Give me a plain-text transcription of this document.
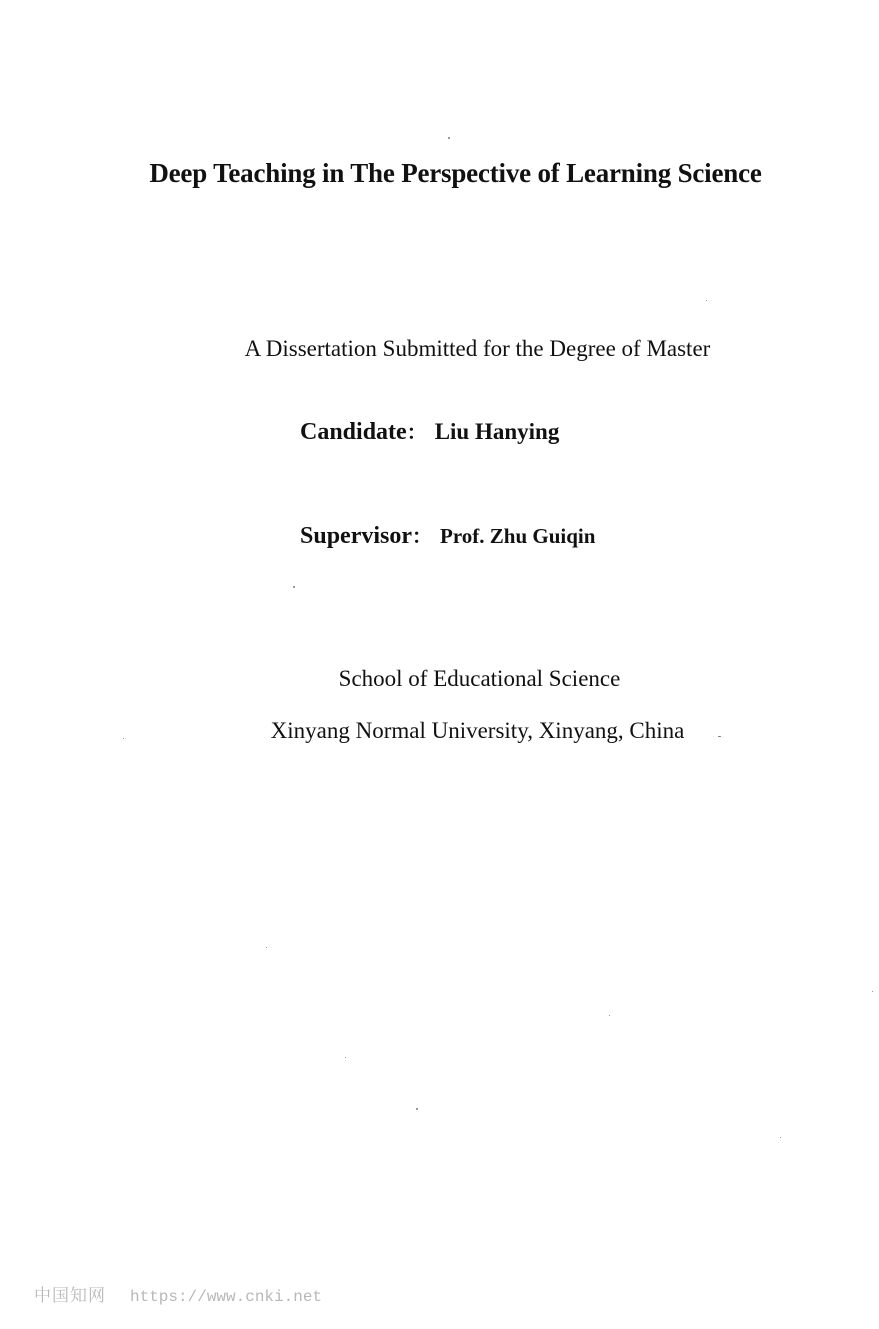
Deep Teaching in The Perspective of Learning Science
A Dissertation Submitted for the Degree of Master
Candidate： Liu Hanying
Supervisor： Prof. Zhu Guiqin
School of Educational Science
Xinyang Normal University, Xinyang, China
中国知网 https://www.cnki.net
